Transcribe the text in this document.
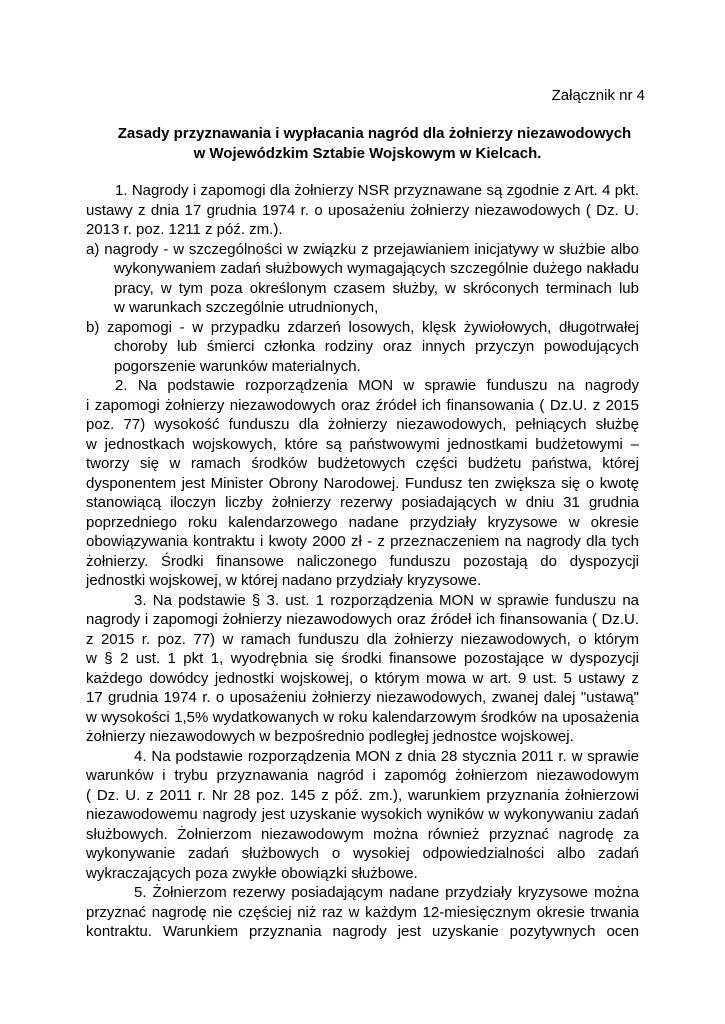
Załącznik nr 4
Zasady przyznawania i wypłacania nagród dla żołnierzy niezawodowych
w Wojewódzkim Sztabie Wojskowym w Kielcach.
1. Nagrody i zapomogi dla żołnierzy NSR przyznawane są zgodnie z Art. 4 pkt.
ustawy z dnia 17 grudnia 1974 r. o uposażeniu żołnierzy niezawodowych ( Dz. U.
2013 r. poz. 1211 z póź. zm.).
a) nagrody - w szczególności w związku z przejawianiem inicjatywy w służbie albo
wykonywaniem zadań służbowych wymagających szczególnie dużego nakładu
pracy, w tym poza określonym czasem służby, w skróconych terminach lub
w warunkach szczególnie utrudnionych,
b) zapomogi - w przypadku zdarzeń losowych, klęsk żywiołowych, długotrwałej
choroby lub śmierci członka rodziny oraz innych przyczyn powodujących
pogorszenie warunków materialnych.
2. Na podstawie rozporządzenia MON w sprawie funduszu na nagrody
i zapomogi żołnierzy niezawodowych oraz źródeł ich finansowania ( Dz.U. z 2015
poz. 77) wysokość funduszu dla żołnierzy niezawodowych, pełniących służbę
w jednostkach wojskowych, które są państwowymi jednostkami budżetowymi –
tworzy się w ramach środków budżetowych części budżetu państwa, której
dysponentem jest Minister Obrony Narodowej. Fundusz ten zwiększa się o kwotę
stanowiącą iloczyn liczby żołnierzy rezerwy posiadających w dniu 31 grudnia
poprzedniego roku kalendarzowego nadane przydziały kryzysowe w okresie
obowiązywania kontraktu i kwoty 2000 zł - z przeznaczeniem na nagrody dla tych
żołnierzy. Środki finansowe naliczonego funduszu pozostają do dyspozycji
jednostki wojskowej, w której nadano przydziały kryzysowe.
3. Na podstawie § 3. ust. 1 rozporządzenia MON w sprawie funduszu na
nagrody i zapomogi żołnierzy niezawodowych oraz źródeł ich finansowania ( Dz.U.
z 2015 r. poz. 77) w ramach funduszu dla żołnierzy niezawodowych, o którym
w § 2 ust. 1 pkt 1, wyodrębnia się środki finansowe pozostające w dyspozycji
każdego dowódcy jednostki wojskowej, o którym mowa w art. 9 ust. 5 ustawy z
17 grudnia 1974 r. o uposażeniu żołnierzy niezawodowych, zwanej dalej "ustawą"
w wysokości 1,5% wydatkowanych w roku kalendarzowym środków na uposażenia
żołnierzy niezawodowych w bezpośrednio podległej jednostce wojskowej.
4. Na podstawie rozporządzenia MON z dnia 28 stycznia 2011 r. w sprawie
warunków i trybu przyznawania nagród i zapomóg żołnierzom niezawodowym
( Dz. U. z 2011 r. Nr 28 poz. 145 z póź. zm.), warunkiem przyznania żołnierzowi
niezawodowemu nagrody jest uzyskanie wysokich wyników w wykonywaniu zadań
służbowych. Żołnierzom niezawodowym można również przyznać nagrodę za
wykonywanie zadań służbowych o wysokiej odpowiedzialności albo zadań
wykraczających poza zwykłe obowiązki służbowe.
5. Żołnierzom rezerwy posiadającym nadane przydziały kryzysowe można
przyznać nagrodę nie częściej niż raz w każdym 12-miesięcznym okresie trwania
kontraktu. Warunkiem przyznania nagrody jest uzyskanie pozytywnych ocen
